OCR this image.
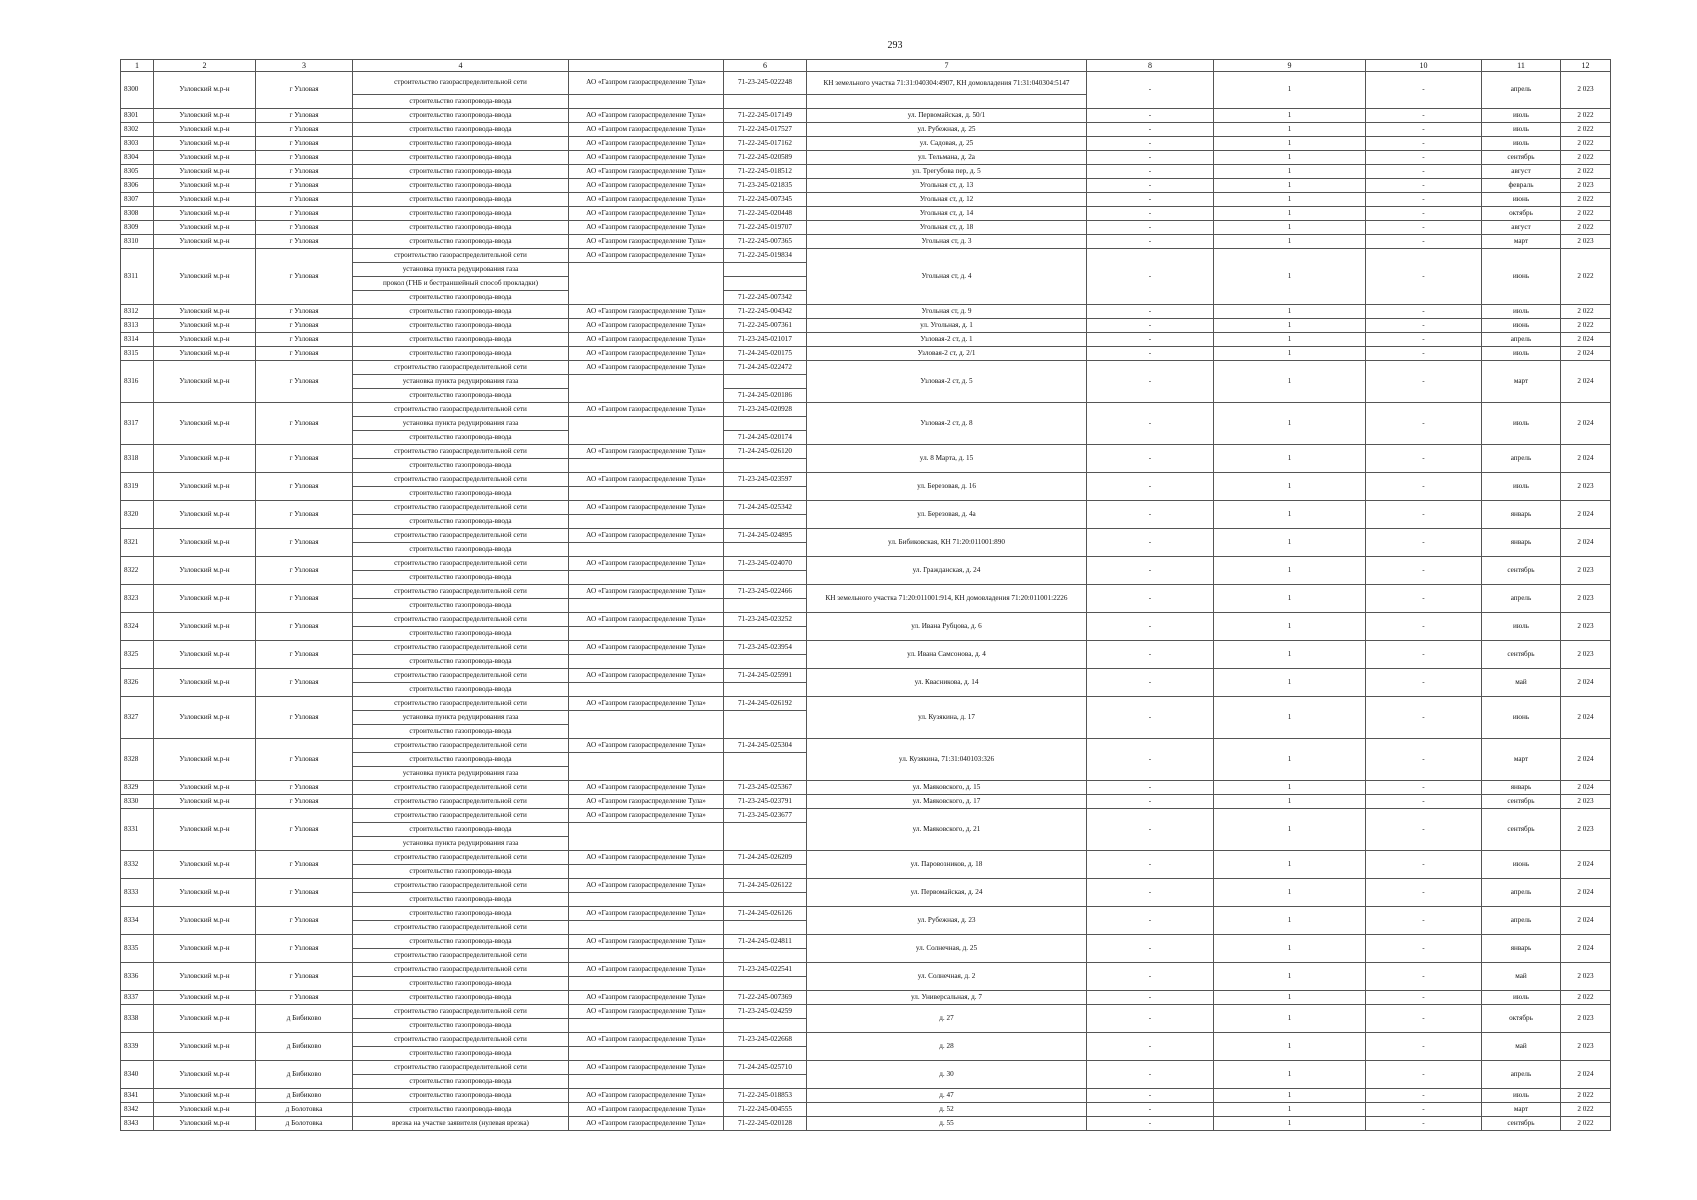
293
1	2	3	4		6	7	8	9	10	11	12
8300	Узловский м.р-н	г Узловая	строительство газораспределительной сети	АО «Газпром газораспределение Тула»	71-23-245-022248	КН земельного участка 71:31:040304:4907, КН домовладения 71:31:040304:5147	-	1	-	апрель	2 023
			строительство газопровода-ввода								
8301	Узловский м.р-н	г Узловая	строительство газопровода-ввода	АО «Газпром газораспределение Тула»	71-22-245-017149	ул. Первомайская, д. 50/1	-	1	-	июль	2 022
8302	Узловский м.р-н	г Узловая	строительство газопровода-ввода	АО «Газпром газораспределение Тула»	71-22-245-017527	ул. Рубежная, д. 25	-	1	-	июль	2 022
8303	Узловский м.р-н	г Узловая	строительство газопровода-ввода	АО «Газпром газораспределение Тула»	71-22-245-017162	ул. Садовая, д. 25	-	1	-	июль	2 022
8304	Узловский м.р-н	г Узловая	строительство газопровода-ввода	АО «Газпром газораспределение Тула»	71-22-245-020589	ул. Тельмана, д. 2а	-	1	-	сентябрь	2 022
8305	Узловский м.р-н	г Узловая	строительство газопровода-ввода	АО «Газпром газораспределение Тула»	71-22-245-018512	ул. Трегубова пер, д. 5	-	1	-	август	2 022
8306	Узловский м.р-н	г Узловая	строительство газопровода-ввода	АО «Газпром газораспределение Тула»	71-23-245-021835	Угольная ст, д. 13	-	1	-	февраль	2 023
8307	Узловский м.р-н	г Узловая	строительство газопровода-ввода	АО «Газпром газораспределение Тула»	71-22-245-007345	Угольная ст, д. 12	-	1	-	июнь	2 022
8308	Узловский м.р-н	г Узловая	строительство газопровода-ввода	АО «Газпром газораспределение Тула»	71-22-245-020448	Угольная ст, д. 14	-	1	-	октябрь	2 022
8309	Узловский м.р-н	г Узловая	строительство газопровода-ввода	АО «Газпром газораспределение Тула»	71-22-245-019707	Угольная ст, д. 18	-	1	-	август	2 022
8310	Узловский м.р-н	г Узловая	строительство газопровода-ввода	АО «Газпром газораспределение Тула»	71-22-245-007365	Угольная ст, д. 3	-	1	-	март	2 023
8311	Узловский м.р-н	г Узловая	строительство газораспределительной сети	АО «Газпром газораспределение Тула»	71-22-245-019834	Угольная ст, д. 4	-	1	-	июнь	2 022
			установка пункта редуцирования газа								
			прокол (ГНБ и бестраншейный способ прокладки)								
			строительство газопровода-ввода		71-22-245-007342						
8312	Узловский м.р-н	г Узловая	строительство газопровода-ввода	АО «Газпром газораспределение Тула»	71-22-245-004342	Угольная ст, д. 9	-	1	-	июль	2 022
8313	Узловский м.р-н	г Узловая	строительство газопровода-ввода	АО «Газпром газораспределение Тула»	71-22-245-007361	ул. Угольная, д. 1	-	1	-	июнь	2 022
8314	Узловский м.р-н	г Узловая	строительство газопровода-ввода	АО «Газпром газораспределение Тула»	71-23-245-021017	Узловая-2 ст, д. 1	-	1	-	апрель	2 024
8315	Узловский м.р-н	г Узловая	строительство газопровода-ввода	АО «Газпром газораспределение Тула»	71-24-245-020175	Узловая-2 ст, д. 2/1	-	1	-	июль	2 024
8316	Узловский м.р-н	г Узловая	строительство газораспределительной сети	АО «Газпром газораспределение Тула»	71-24-245-022472	Узловая-2 ст, д. 5	-	1	-	март	2 024
			установка пункта редуцирования газа								
			строительство газопровода-ввода		71-24-245-020186						
8317	Узловский м.р-н	г Узловая	строительство газораспределительной сети	АО «Газпром газораспределение Тула»	71-23-245-020928	Узловая-2 ст, д. 8	-	1	-	июль	2 024
			установка пункта редуцирования газа								
			строительство газопровода-ввода		71-24-245-020174						
8318	Узловский м.р-н	г Узловая	строительство газораспределительной сети	АО «Газпром газораспределение Тула»	71-24-245-026120	ул. 8 Марта, д. 15	-	1	-	апрель	2 024
			строительство газопровода-ввода								
8319	Узловский м.р-н	г Узловая	строительство газораспределительной сети	АО «Газпром газораспределение Тула»	71-23-245-023597	ул. Березовая, д. 16	-	1	-	июль	2 023
			строительство газопровода-ввода								
8320	Узловский м.р-н	г Узловая	строительство газораспределительной сети	АО «Газпром газораспределение Тула»	71-24-245-025342	ул. Березовая, д. 4а	-	1	-	январь	2 024
			строительство газопровода-ввода								
8321	Узловский м.р-н	г Узловая	строительство газораспределительной сети	АО «Газпром газораспределение Тула»	71-24-245-024895	ул. Бибиковская, КН 71:20:011001:890	-	1	-	январь	2 024
			строительство газопровода-ввода								
8322	Узловский м.р-н	г Узловая	строительство газораспределительной сети	АО «Газпром газораспределение Тула»	71-23-245-024070	ул. Гражданская, д. 24	-	1	-	сентябрь	2 023
			строительство газопровода-ввода								
8323	Узловский м.р-н	г Узловая	строительство газораспределительной сети	АО «Газпром газораспределение Тула»	71-23-245-022466	КН земельного участка 71:20:011001:914, КН домовладения 71:20:011001:2226	-	1	-	апрель	2 023
			строительство газопровода-ввода								
8324	Узловский м.р-н	г Узловая	строительство газораспределительной сети	АО «Газпром газораспределение Тула»	71-23-245-023252	ул. Ивана Рубцова, д. 6	-	1	-	июль	2 023
			строительство газопровода-ввода								
8325	Узловский м.р-н	г Узловая	строительство газораспределительной сети	АО «Газпром газораспределение Тула»	71-23-245-023954	ул. Ивана Самсонова, д. 4	-	1	-	сентябрь	2 023
			строительство газопровода-ввода								
8326	Узловский м.р-н	г Узловая	строительство газораспределительной сети	АО «Газпром газораспределение Тула»	71-24-245-025991	ул. Квасникова, д. 14	-	1	-	май	2 024
			строительство газопровода-ввода								
8327	Узловский м.р-н	г Узловая	строительство газораспределительной сети	АО «Газпром газораспределение Тула»	71-24-245-026192	ул. Кузякина, д. 17	-	1	-	июнь	2 024
			установка пункта редуцирования газа								
			строительство газопровода-ввода								
8328	Узловский м.р-н	г Узловая	строительство газораспределительной сети	АО «Газпром газораспределение Тула»	71-24-245-025304	ул. Кузякина, 71:31:040103:326	-	1	-	март	2 024
			строительство газопровода-ввода								
			установка пункта редуцирования газа								
8329	Узловский м.р-н	г Узловая	строительство газораспределительной сети	АО «Газпром газораспределение Тула»	71-23-245-025367	ул. Маяковского, д. 15	-	1	-	январь	2 024
8330	Узловский м.р-н	г Узловая	строительство газораспределительной сети	АО «Газпром газораспределение Тула»	71-23-245-023791	ул. Маяковского, д. 17	-	1	-	сентябрь	2 023
8331	Узловский м.р-н	г Узловая	строительство газораспределительной сети	АО «Газпром газораспределение Тула»	71-23-245-023677	ул. Маяковского, д. 21	-	1	-	сентябрь	2 023
			строительство газопровода-ввода								
			установка пункта редуцирования газа								
8332	Узловский м.р-н	г Узловая	строительство газораспределительной сети	АО «Газпром газораспределение Тула»	71-24-245-026209	ул. Паровозников, д. 18	-	1	-	июнь	2 024
			строительство газопровода-ввода								
8333	Узловский м.р-н	г Узловая	строительство газораспределительной сети	АО «Газпром газораспределение Тула»	71-24-245-026122	ул. Первомайская, д. 24	-	1	-	апрель	2 024
			строительство газопровода-ввода								
8334	Узловский м.р-н	г Узловая	строительство газопровода-ввода	АО «Газпром газораспределение Тула»	71-24-245-026126	ул. Рубежная, д. 23	-	1	-	апрель	2 024
			строительство газораспределительной сети								
8335	Узловский м.р-н	г Узловая	строительство газопровода-ввода	АО «Газпром газораспределение Тула»	71-24-245-024811	ул. Солнечная, д. 25	-	1	-	январь	2 024
			строительство газораспределительной сети								
8336	Узловский м.р-н	г Узловая	строительство газораспределительной сети	АО «Газпром газораспределение Тула»	71-23-245-022541	ул. Солнечная, д. 2	-	1	-	май	2 023
			строительство газопровода-ввода								
8337	Узловский м.р-н	г Узловая	строительство газопровода-ввода	АО «Газпром газораспределение Тула»	71-22-245-007369	ул. Универсальная, д. 7	-	1	-	июль	2 022
8338	Узловский м.р-н	д Бибиково	строительство газораспределительной сети	АО «Газпром газораспределение Тула»	71-23-245-024259	д. 27	-	1	-	октябрь	2 023
			строительство газопровода-ввода								
8339	Узловский м.р-н	д Бибиково	строительство газораспределительной сети	АО «Газпром газораспределение Тула»	71-23-245-022668	д. 28	-	1	-	май	2 023
			строительство газопровода-ввода								
8340	Узловский м.р-н	д Бибиково	строительство газораспределительной сети	АО «Газпром газораспределение Тула»	71-24-245-025710	д. 30	-	1	-	апрель	2 024
			строительство газопровода-ввода								
8341	Узловский м.р-н	д Бибиково	строительство газопровода-ввода	АО «Газпром газораспределение Тула»	71-22-245-018853	д. 47	-	1	-	июль	2 022
8342	Узловский м.р-н	д Болотовка	строительство газопровода-ввода	АО «Газпром газораспределение Тула»	71-22-245-004555	д. 52	-	1	-	март	2 022
8343	Узловский м.р-н	д Болотовка	врезка на участке заявителя (нулевая врезка)	АО «Газпром газораспределение Тула»	71-22-245-020128	д. 55	-	1	-	сентябрь	2 022
